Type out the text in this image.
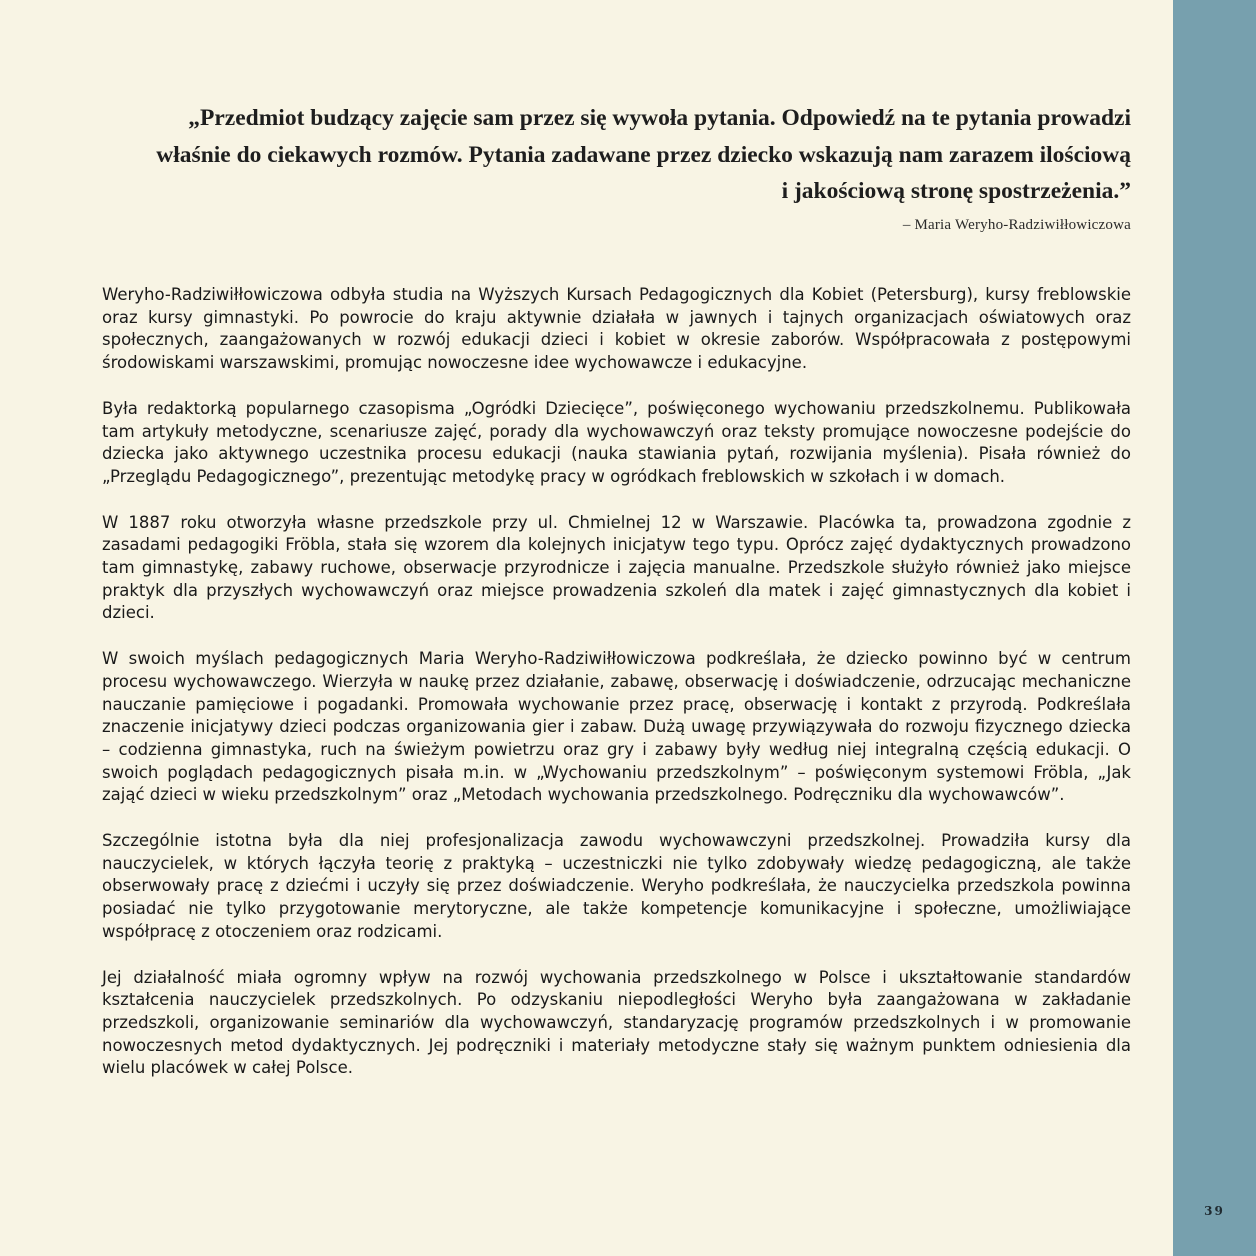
„Przedmiot budzący zajęcie sam przez się wywoła pytania. Odpowiedź na te pytania prowadzi
właśnie do ciekawych rozmów. Pytania zadawane przez dziecko wskazują nam zarazem ilościową
i jakościową stronę spostrzeżenia.”

– Maria Weryho-Radziwiłłowiczowa

Weryho-Radziwiłłowiczowa odbyła studia na Wyższych Kursach Pedagogicznych dla Kobiet (Petersburg), kursy freblowskie oraz kursy gimnastyki. Po powrocie do kraju aktywnie działała w jawnych i tajnych organizacjach oświatowych oraz społecznych, zaangażowanych w rozwój edukacji dzieci i kobiet w okresie zaborów. Współpracowała z postępowymi środowiskami warszawskimi, promując nowoczesne idee wychowawcze i edukacyjne.

Była redaktorką popularnego czasopisma „Ogródki Dziecięce”, poświęconego wychowaniu przedszkolnemu. Publikowała tam artykuły metodyczne, scenariusze zajęć, porady dla wychowawczyń oraz teksty promujące nowoczesne podejście do dziecka jako aktywnego uczestnika procesu edukacji (nauka stawiania pytań, rozwijania myślenia). Pisała również do „Przeglądu Pedagogicznego”, prezentując metodykę pracy w ogródkach freblowskich w szkołach i w domach.

W 1887 roku otworzyła własne przedszkole przy ul. Chmielnej 12 w Warszawie. Placówka ta, prowadzona zgodnie z zasadami pedagogiki Fröbla, stała się wzorem dla kolejnych inicjatyw tego typu. Oprócz zajęć dydaktycznych prowadzono tam gimnastykę, zabawy ruchowe, obserwacje przyrodnicze i zajęcia manualne. Przedszkole służyło również jako miejsce praktyk dla przyszłych wychowawczyń oraz miejsce prowadzenia szkoleń dla matek i zajęć gimnastycznych dla kobiet i dzieci.

W swoich myślach pedagogicznych Maria Weryho-Radziwiłłowiczowa podkreślała, że dziecko powinno być w centrum procesu wychowawczego. Wierzyła w naukę przez działanie, zabawę, obserwację i doświadczenie, odrzucając mechaniczne nauczanie pamięciowe i pogadanki. Promowała wychowanie przez pracę, obserwację i kontakt z przyrodą. Podkreślała znaczenie inicjatywy dzieci podczas organizowania gier i zabaw. Dużą uwagę przywiązywała do rozwoju fizycznego dziecka – codzienna gimnastyka, ruch na świeżym powietrzu oraz gry i zabawy były według niej integralną częścią edukacji. O swoich poglądach pedagogicznych pisała m.in. w „Wychowaniu przedszkolnym” – poświęconym systemowi Fröbla, „Jak zająć dzieci w wieku przedszkolnym” oraz „Metodach wychowania przedszkolnego. Podręczniku dla wychowawców”.

Szczególnie istotna była dla niej profesjonalizacja zawodu wychowawczyni przedszkolnej. Prowadziła kursy dla nauczycielek, w których łączyła teorię z praktyką – uczestniczki nie tylko zdobywały wiedzę pedagogiczną, ale także obserwowały pracę z dziećmi i uczyły się przez doświadczenie. Weryho podkreślała, że nauczycielka przedszkola powinna posiadać nie tylko przygotowanie merytoryczne, ale także kompetencje komunikacyjne i społeczne, umożliwiające współpracę z otoczeniem oraz rodzicami.

Jej działalność miała ogromny wpływ na rozwój wychowania przedszkolnego w Polsce i ukształtowanie standardów kształcenia nauczycielek przedszkolnych. Po odzyskaniu niepodległości Weryho była zaangażowana w zakładanie przedszkoli, organizowanie seminariów dla wychowawczyń, standaryzację programów przedszkolnych i w promowanie nowoczesnych metod dydaktycznych. Jej podręczniki i materiały metodyczne stały się ważnym punktem odniesienia dla wielu placówek w całej Polsce.

39
